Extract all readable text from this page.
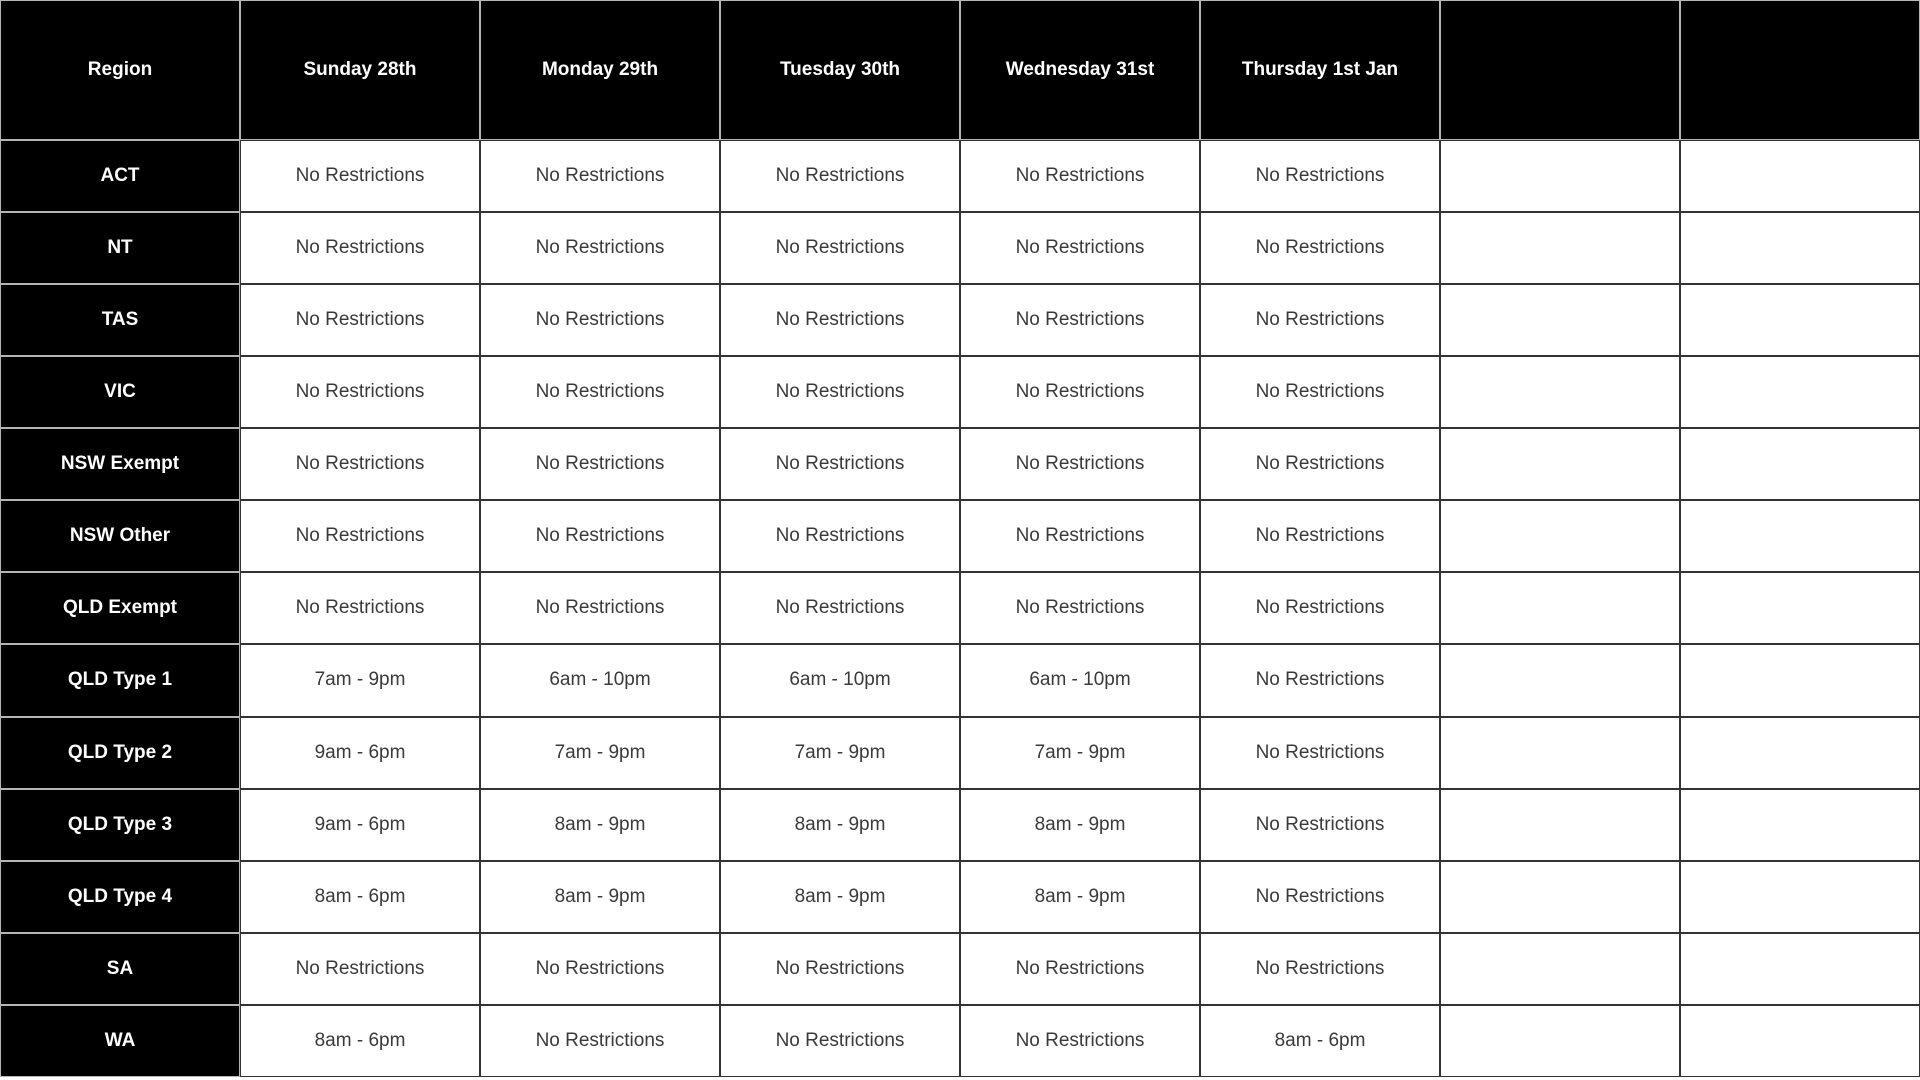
Region	Sunday 28th	Monday 29th	Tuesday 30th	Wednesday 31st	Thursday 1st Jan		
ACT	No Restrictions	No Restrictions	No Restrictions	No Restrictions	No Restrictions		
NT	No Restrictions	No Restrictions	No Restrictions	No Restrictions	No Restrictions		
TAS	No Restrictions	No Restrictions	No Restrictions	No Restrictions	No Restrictions		
VIC	No Restrictions	No Restrictions	No Restrictions	No Restrictions	No Restrictions		
NSW Exempt	No Restrictions	No Restrictions	No Restrictions	No Restrictions	No Restrictions		
NSW Other	No Restrictions	No Restrictions	No Restrictions	No Restrictions	No Restrictions		
QLD Exempt	No Restrictions	No Restrictions	No Restrictions	No Restrictions	No Restrictions		
QLD Type 1	7am - 9pm	6am - 10pm	6am - 10pm	6am - 10pm	No Restrictions		
QLD Type 2	9am - 6pm	7am - 9pm	7am - 9pm	7am - 9pm	No Restrictions		
QLD Type 3	9am - 6pm	8am - 9pm	8am - 9pm	8am - 9pm	No Restrictions		
QLD Type 4	8am - 6pm	8am - 9pm	8am - 9pm	8am - 9pm	No Restrictions		
SA	No Restrictions	No Restrictions	No Restrictions	No Restrictions	No Restrictions		
WA	8am - 6pm	No Restrictions	No Restrictions	No Restrictions	8am - 6pm		
